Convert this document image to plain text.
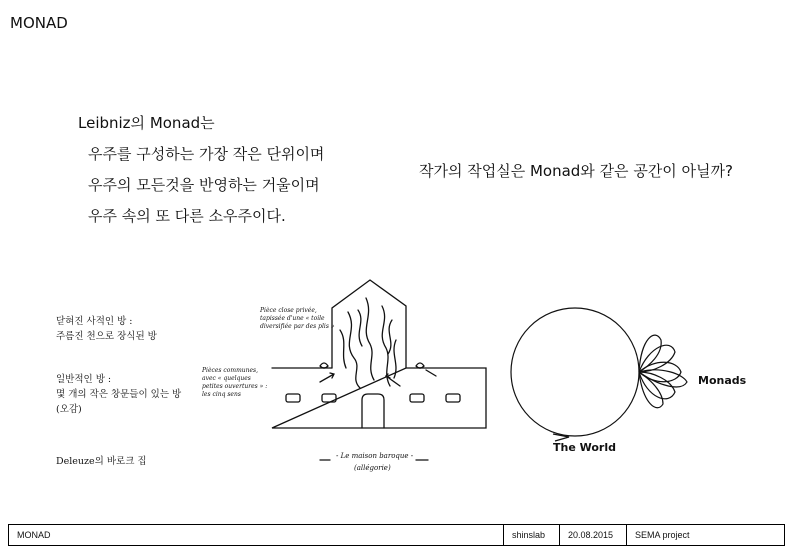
MONAD
Leibniz의 Monad는
우주를 구성하는 가장 작은 단위이며
우주의 모든것을 반영하는 거울이며
우주 속의 또 다른 소우주이다.
작가의 작업실은 Monad와 같은 공간이 아닐까?
닫혀진 사적인 방 :
주름진 천으로 장식된 방
일반적인 방 :
몇 개의 작은 창문들이 있는 방
(오감)
Deleuze의 바로크 집
Pièce close privée,
tapissée d'une « toile
diversifiée par des plis »
Pièces communes,
avec « quelques
petites ouvertures » :
les cinq sens
- Le maison baroque -
(allégorie)
The World
Monads
MONAD	shinslab	20.08.2015	SEMA project
